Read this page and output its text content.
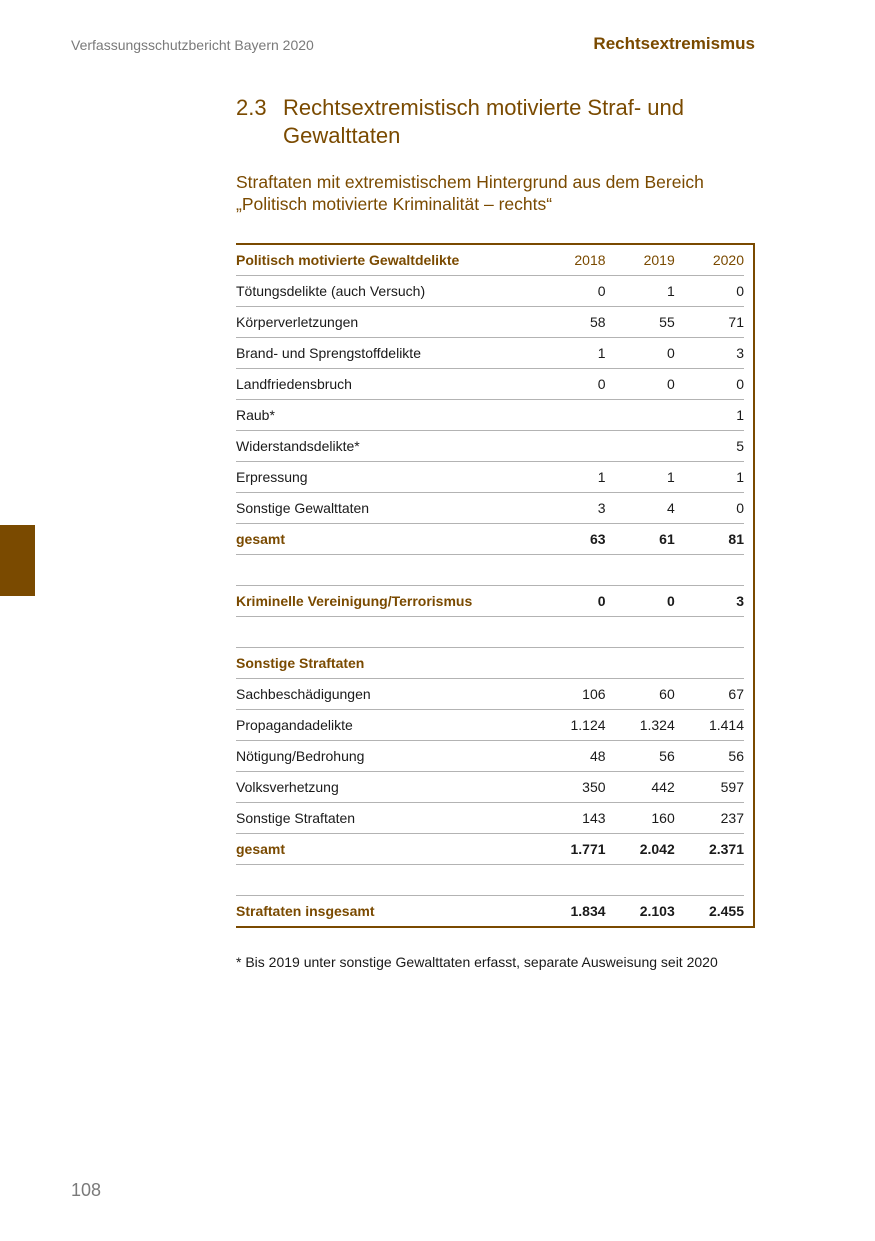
Verfassungsschutzbericht Bayern 2020	Rechtsextremismus
2.3 Rechtsextremistisch motivierte Straf- und Gewalttaten
Straftaten mit extremistischem Hintergrund aus dem Bereich „Politisch motivierte Kriminalität – rechts“
Politisch motivierte Gewaltdelikte	2018	2019	2020
Tötungsdelikte (auch Versuch)	0	1	0
Körperverletzungen	58	55	71
Brand- und Sprengstoffdelikte	1	0	3
Landfriedensbruch	0	0	0
Raub*			1
Widerstandsdelikte*			5
Erpressung	1	1	1
Sonstige Gewalttaten	3	4	0
gesamt	63	61	81

Kriminelle Vereinigung/Terrorismus	0	0	3

Sonstige Straftaten			
Sachbeschädigungen	106	60	67
Propagandadelikte	1.124	1.324	1.414
Nötigung/Bedrohung	48	56	56
Volksverhetzung	350	442	597
Sonstige Straftaten	143	160	237
gesamt	1.771	2.042	2.371

Straftaten insgesamt	1.834	2.103	2.455
* Bis 2019 unter sonstige Gewalttaten erfasst, separate Ausweisung seit 2020
108
